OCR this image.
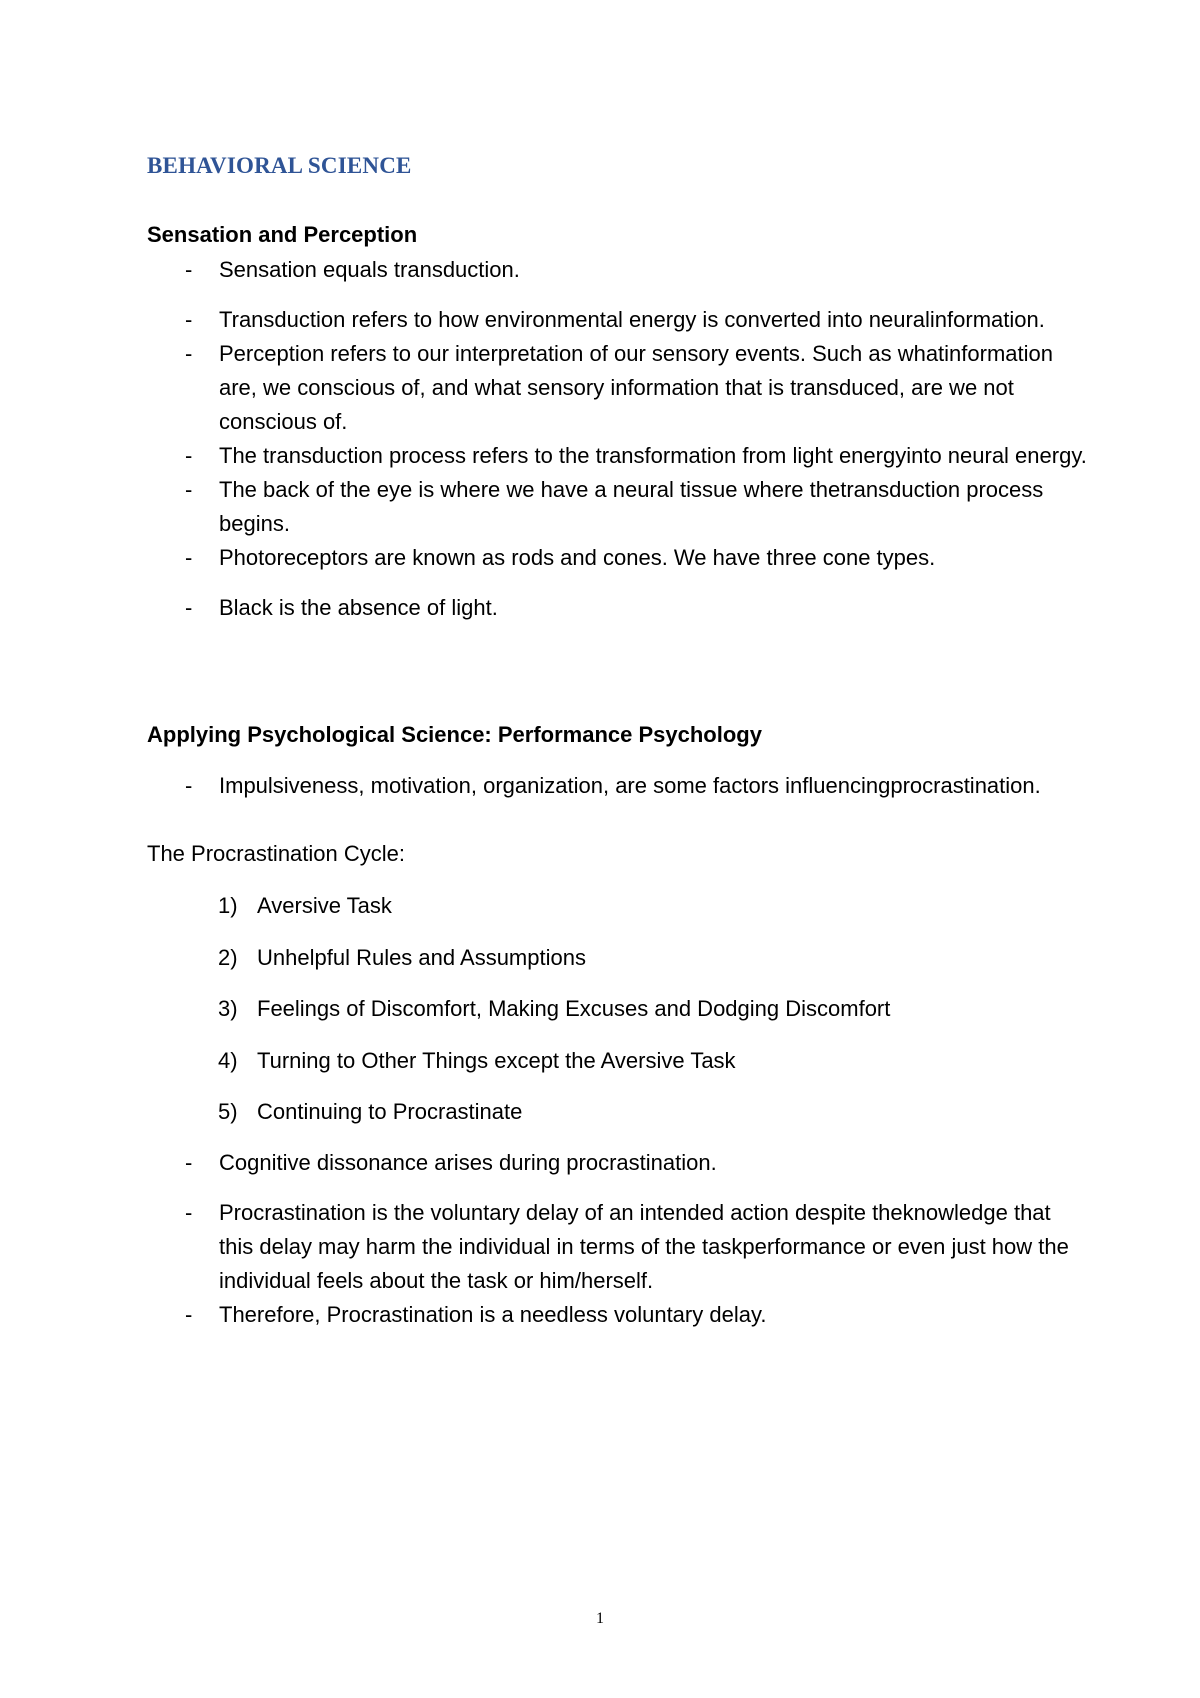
BEHAVIORAL SCIENCE
Sensation and Perception
- Sensation equals transduction.
- Transduction refers to how environmental energy is converted into neuralinformation.
- Perception refers to our interpretation of our sensory events. Such as whatinformation are, we conscious of, and what sensory information that is transduced, are we not conscious of.
- The transduction process refers to the transformation from light energyinto neural energy.
- The back of the eye is where we have a neural tissue where thetransduction process begins.
- Photoreceptors are known as rods and cones. We have three cone types.
- Black is the absence of light.
Applying Psychological Science: Performance Psychology
- Impulsiveness, motivation, organization, are some factors influencingprocrastination.

The Procrastination Cycle:

1) Aversive Task
2) Unhelpful Rules and Assumptions
3) Feelings of Discomfort, Making Excuses and Dodging Discomfort
4) Turning to Other Things except the Aversive Task
5) Continuing to Procrastinate
- Cognitive dissonance arises during procrastination.
- Procrastination is the voluntary delay of an intended action despite theknowledge that this delay may harm the individual in terms of the taskperformance or even just how the individual feels about the task or him/herself.
- Therefore, Procrastination is a needless voluntary delay.
1
